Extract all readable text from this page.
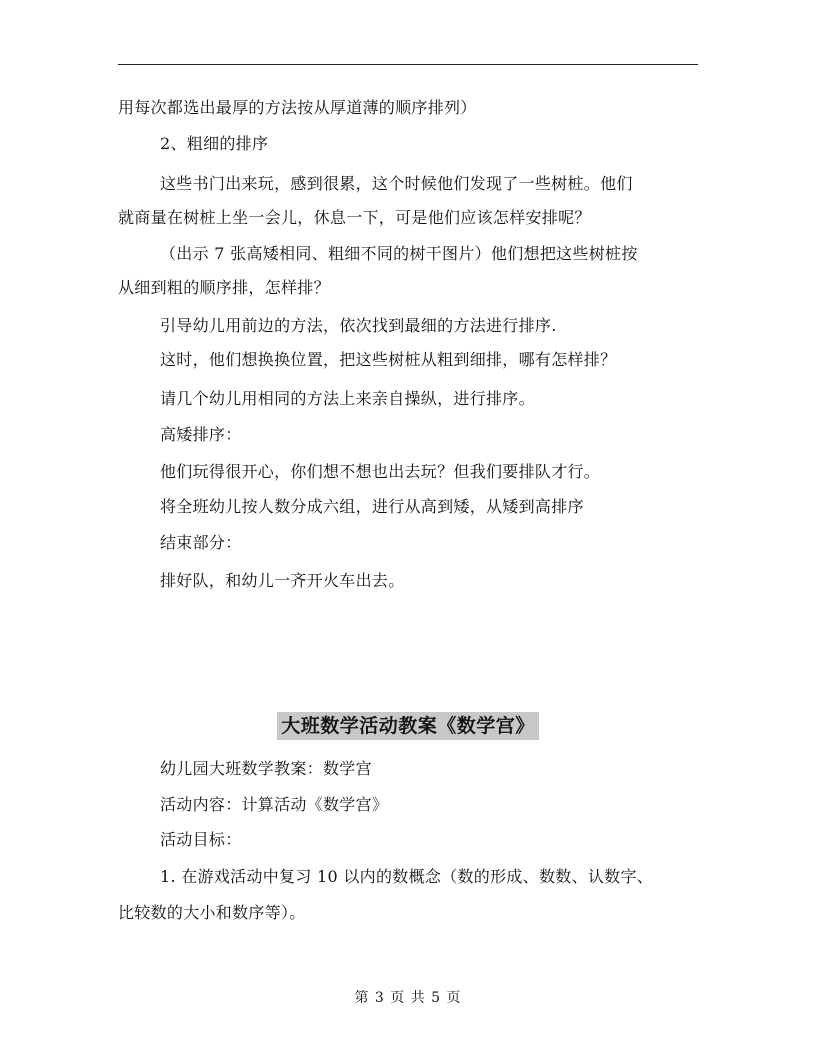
用每次都选出最厚的方法按从厚道薄的顺序排列）
2、粗细的排序
这些书门出来玩，感到很累，这个时候他们发现了一些树桩。他们
就商量在树桩上坐一会儿，休息一下，可是他们应该怎样安排呢？
（出示 7 张高矮相同、粗细不同的树干图片）他们想把这些树桩按
从细到粗的顺序排，怎样排？
引导幼儿用前边的方法，依次找到最细的方法进行排序.
这时，他们想换换位置，把这些树桩从粗到细排，哪有怎样排？
请几个幼儿用相同的方法上来亲自操纵，进行排序。
高矮排序：
他们玩得很开心，你们想不想也出去玩？但我们要排队才行。
将全班幼儿按人数分成六组，进行从高到矮，从矮到高排序
结束部分：
排好队，和幼儿一齐开火车出去。
大班数学活动教案《数学宫》
幼儿园大班数学教案：数学宫
活动内容：计算活动《数学宫》
活动目标：
1. 在游戏活动中复习 10 以内的数概念（数的形成、数数、认数字、
比较数的大小和数序等）。
第 3 页 共 5 页
